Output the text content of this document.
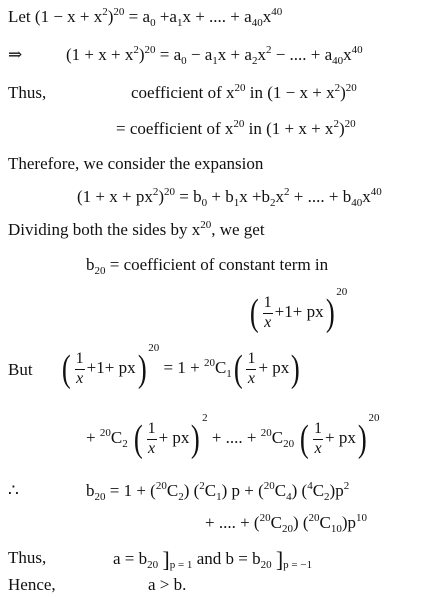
Let $(1 - x + x^2)^{20} = a_0 +a_1x$ + .... + $a_{40}x^{40}$
⇒	$(1 + x + x^2)^{20} = a_0 - a_1x + a_2x^2$ − .... + $a_{40}x^{40}$
Thus,	coefficient of $x^{20}$ in $(1 - x + x^2)^{20}$
= coefficient of $x^{20}$ in $(1 + x + x^2)^{20}$
Therefore, we consider the expansion
$(1 + x + px^2)^{20} = b_0 + b_1x +b_2x^2$ + .... + $b_{40}x^{40}$
Dividing both the sides by $x^{20}$, we get
$b_{20}$ = coefficient of constant term in
( $\frac{1}{x} +1+ px)^{20}$
But ( $\frac{1}{x} +1+ px)^{20} = 1 + ^{20}C_1( \frac{1}{x} + px)$
+ $^{20}C_2$ ( $\frac{1}{x} + px)^2$ + .... + $^{20}C_{20}$ ( $\frac{1}{x} + px)^{20}$
∴	$b_{20} = 1 + (^{20}C_2)$ $(^2C_1) p + (^{20}C_4)$ $(^4C_2)p^2$
+ .... + $(^{20}C_{20})$ $(^{20}C_{10})p^{10}$
Thus,	$a = b_{20}$ ]$_{p = 1}$ and $b = b_{20}$ ]$_{p = -1}$
Hence,	a > b.
